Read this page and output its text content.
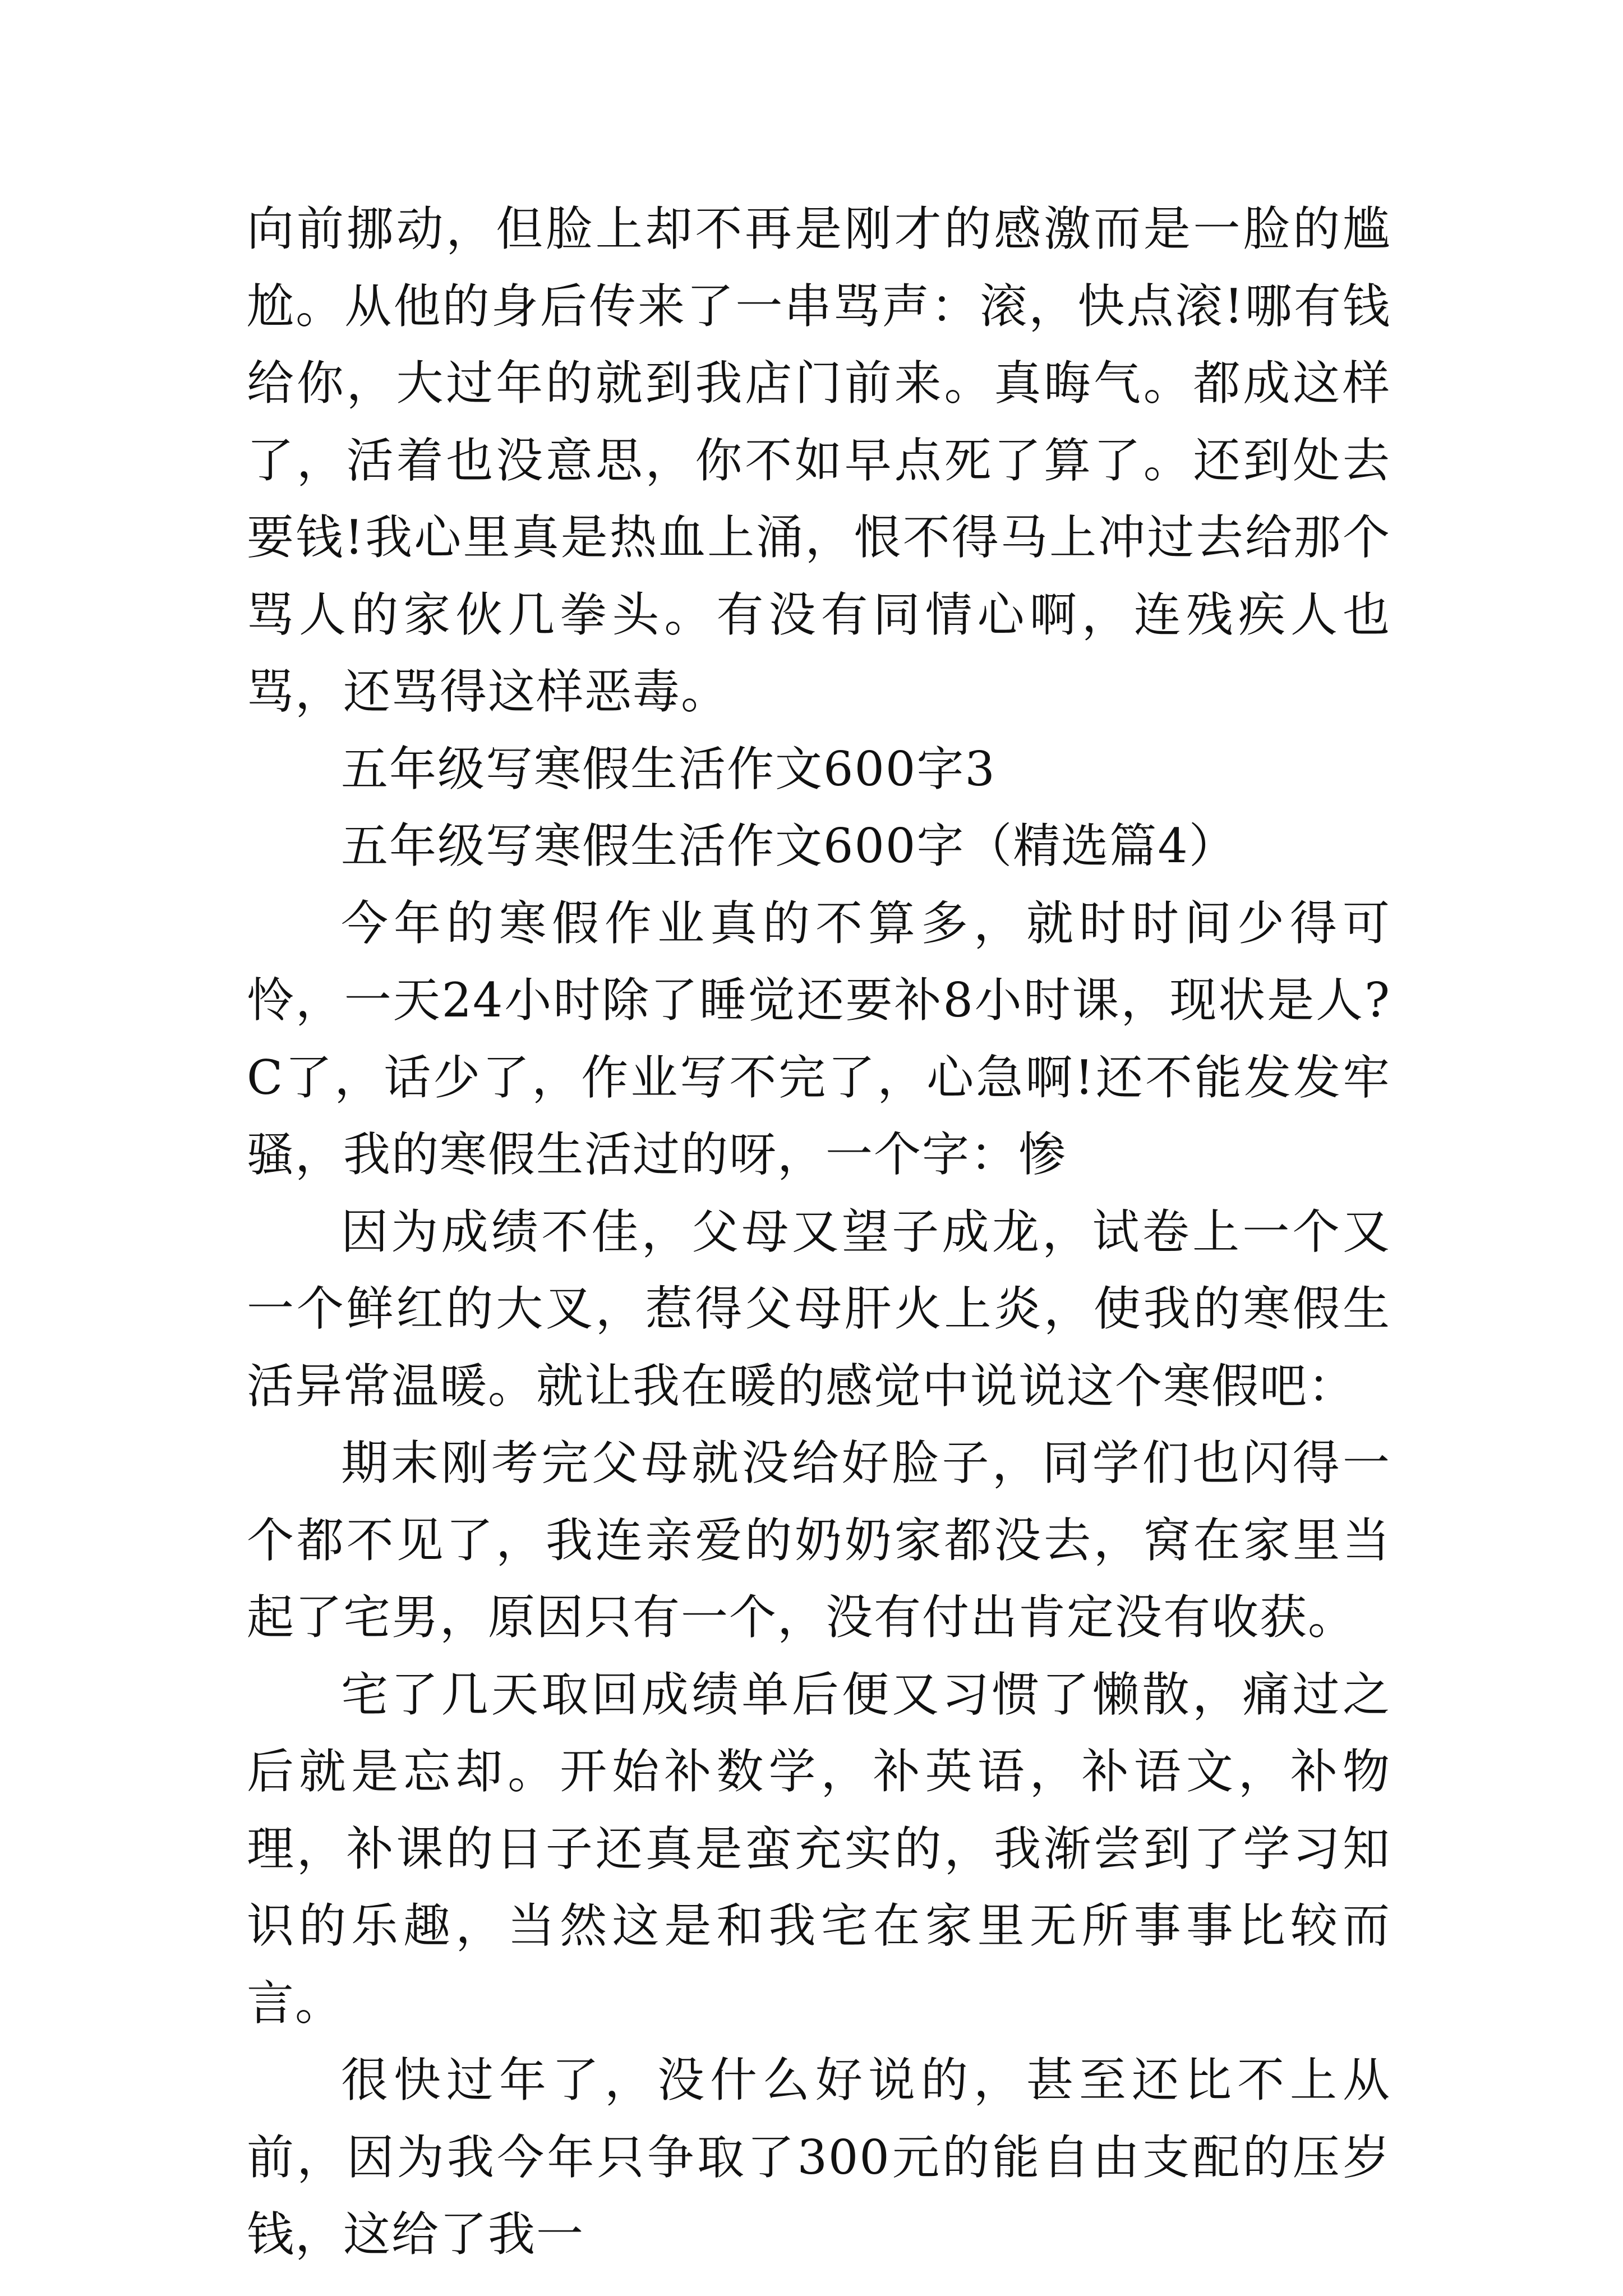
向前挪动，但脸上却不再是刚才的感激而是一脸的尴尬。从他的身后传来了一串骂声：滚，快点滚!哪有钱给你，大过年的就到我店门前来。真晦气。都成这样了，活着也没意思，你不如早点死了算了。还到处去要钱!我心里真是热血上涌，恨不得马上冲过去给那个骂人的家伙几拳头。有没有同情心啊，连残疾人也骂，还骂得这样恶毒。

五年级写寒假生活作文600字3

五年级写寒假生活作文600字（精选篇4）

今年的寒假作业真的不算多，就时时间少得可怜，一天24小时除了睡觉还要补8小时课，现状是人?C了，话少了，作业写不完了，心急啊!还不能发发牢骚，我的寒假生活过的呀，一个字：惨

因为成绩不佳，父母又望子成龙，试卷上一个又一个鲜红的大叉，惹得父母肝火上炎，使我的寒假生活异常温暖。就让我在暖的感觉中说说这个寒假吧：

期末刚考完父母就没给好脸子，同学们也闪得一个都不见了，我连亲爱的奶奶家都没去，窝在家里当起了宅男，原因只有一个，没有付出肯定没有收获。

宅了几天取回成绩单后便又习惯了懒散，痛过之后就是忘却。开始补数学，补英语，补语文，补物理，补课的日子还真是蛮充实的，我渐尝到了学习知识的乐趣，当然这是和我宅在家里无所事事比较而言。

很快过年了，没什么好说的，甚至还比不上从前，因为我今年只争取了300元的能自由支配的压岁钱，这给了我一
